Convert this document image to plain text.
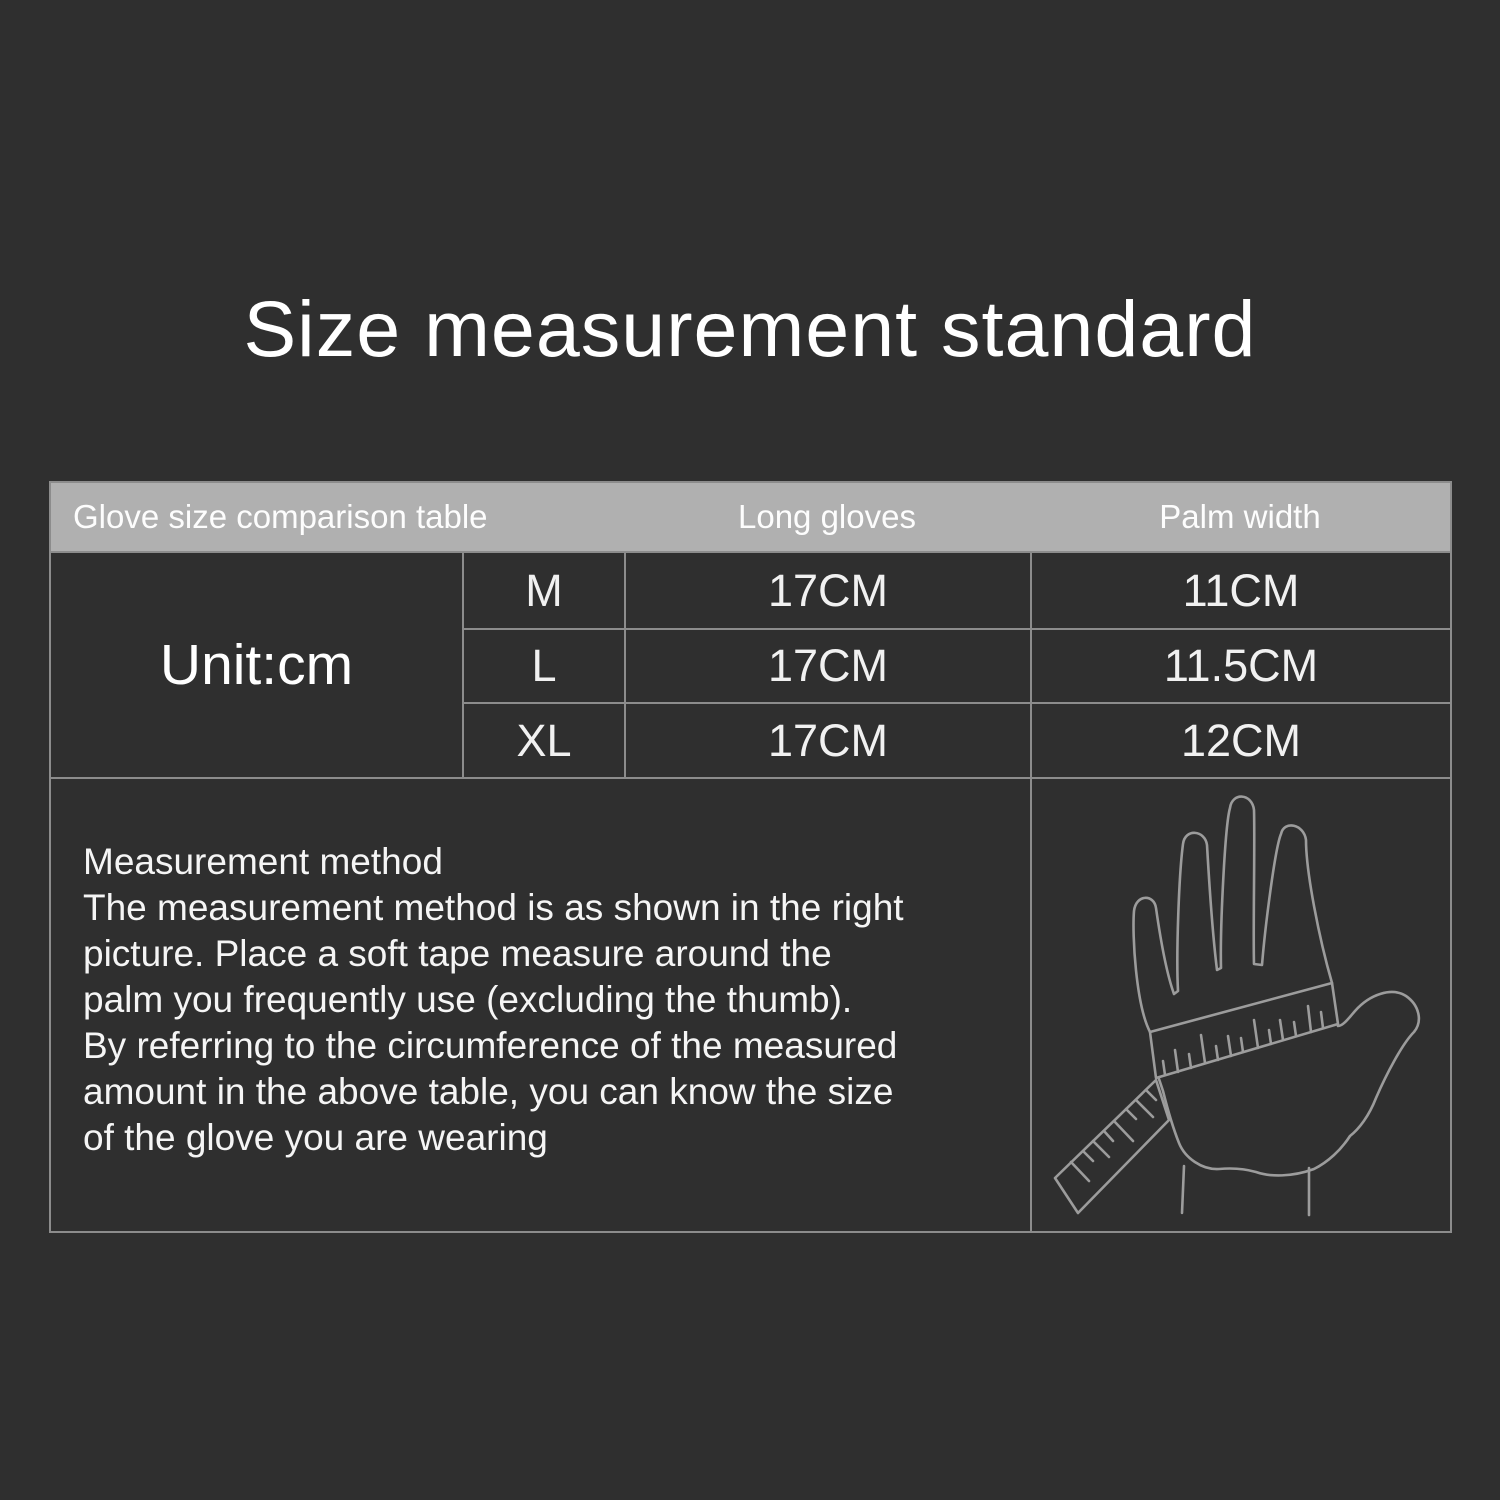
Size measurement standard
Glove size comparison table	Long gloves	Palm width
Unit:cm
M	17CM	11CM
L	17CM	11.5CM
XL	17CM	12CM
Measurement method
The measurement method is as shown in the right
picture. Place a soft tape measure around the
palm you frequently use (excluding the thumb).
By referring to the circumference of the measured
amount in the above table, you can know the size
of the glove you are wearing
